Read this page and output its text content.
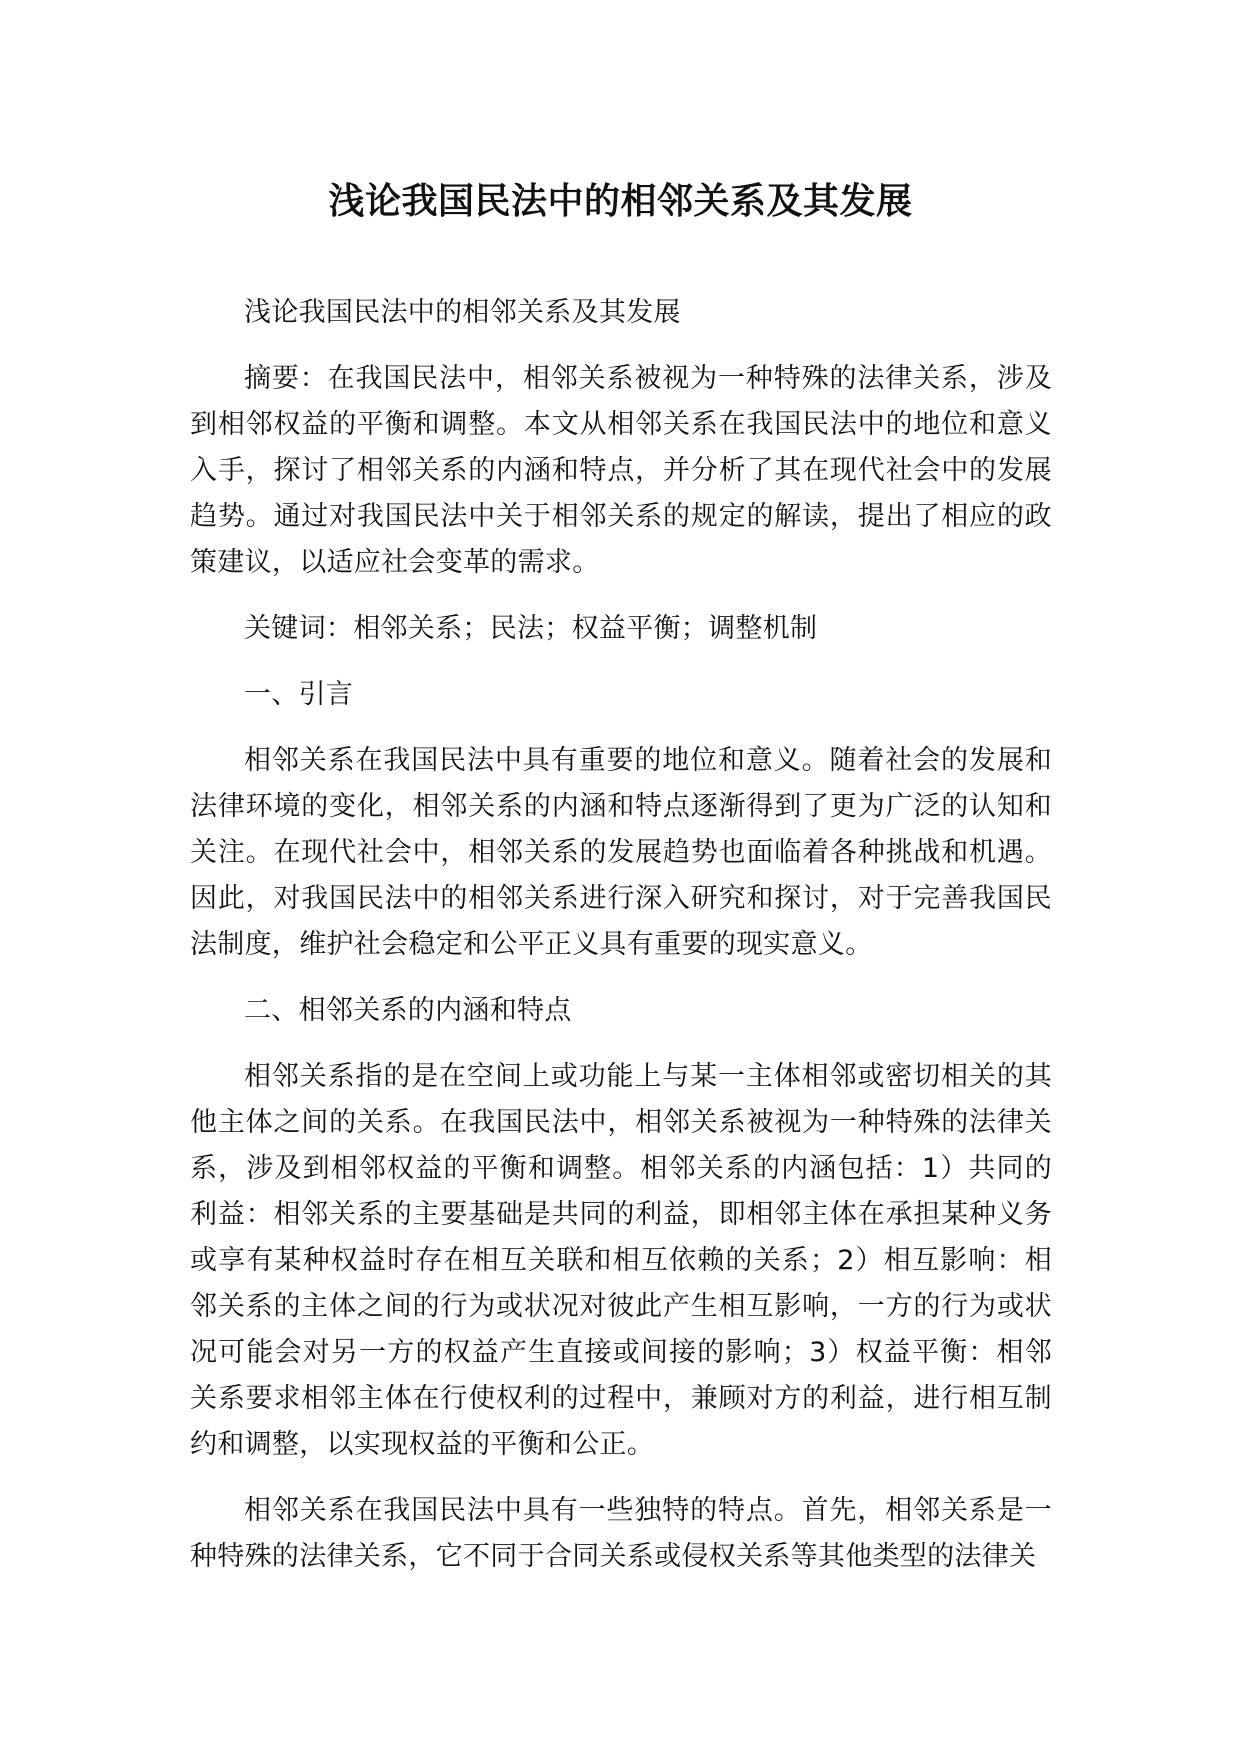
浅论我国民法中的相邻关系及其发展

浅论我国民法中的相邻关系及其发展

摘要：在我国民法中，相邻关系被视为一种特殊的法律关系，涉及到相邻权益的平衡和调整。本文从相邻关系在我国民法中的地位和意义入手，探讨了相邻关系的内涵和特点，并分析了其在现代社会中的发展趋势。通过对我国民法中关于相邻关系的规定的解读，提出了相应的政策建议，以适应社会变革的需求。

关键词：相邻关系；民法；权益平衡；调整机制

一、引言

相邻关系在我国民法中具有重要的地位和意义。随着社会的发展和法律环境的变化，相邻关系的内涵和特点逐渐得到了更为广泛的认知和关注。在现代社会中，相邻关系的发展趋势也面临着各种挑战和机遇。因此，对我国民法中的相邻关系进行深入研究和探讨，对于完善我国民法制度，维护社会稳定和公平正义具有重要的现实意义。

二、相邻关系的内涵和特点

相邻关系指的是在空间上或功能上与某一主体相邻或密切相关的其他主体之间的关系。在我国民法中，相邻关系被视为一种特殊的法律关系，涉及到相邻权益的平衡和调整。相邻关系的内涵包括：1）共同的利益：相邻关系的主要基础是共同的利益，即相邻主体在承担某种义务或享有某种权益时存在相互关联和相互依赖的关系；2）相互影响：相邻关系的主体之间的行为或状况对彼此产生相互影响，一方的行为或状况可能会对另一方的权益产生直接或间接的影响；3）权益平衡：相邻关系要求相邻主体在行使权利的过程中，兼顾对方的利益，进行相互制约和调整，以实现权益的平衡和公正。

相邻关系在我国民法中具有一些独特的特点。首先，相邻关系是一种特殊的法律关系，它不同于合同关系或侵权关系等其他类型的法律关
